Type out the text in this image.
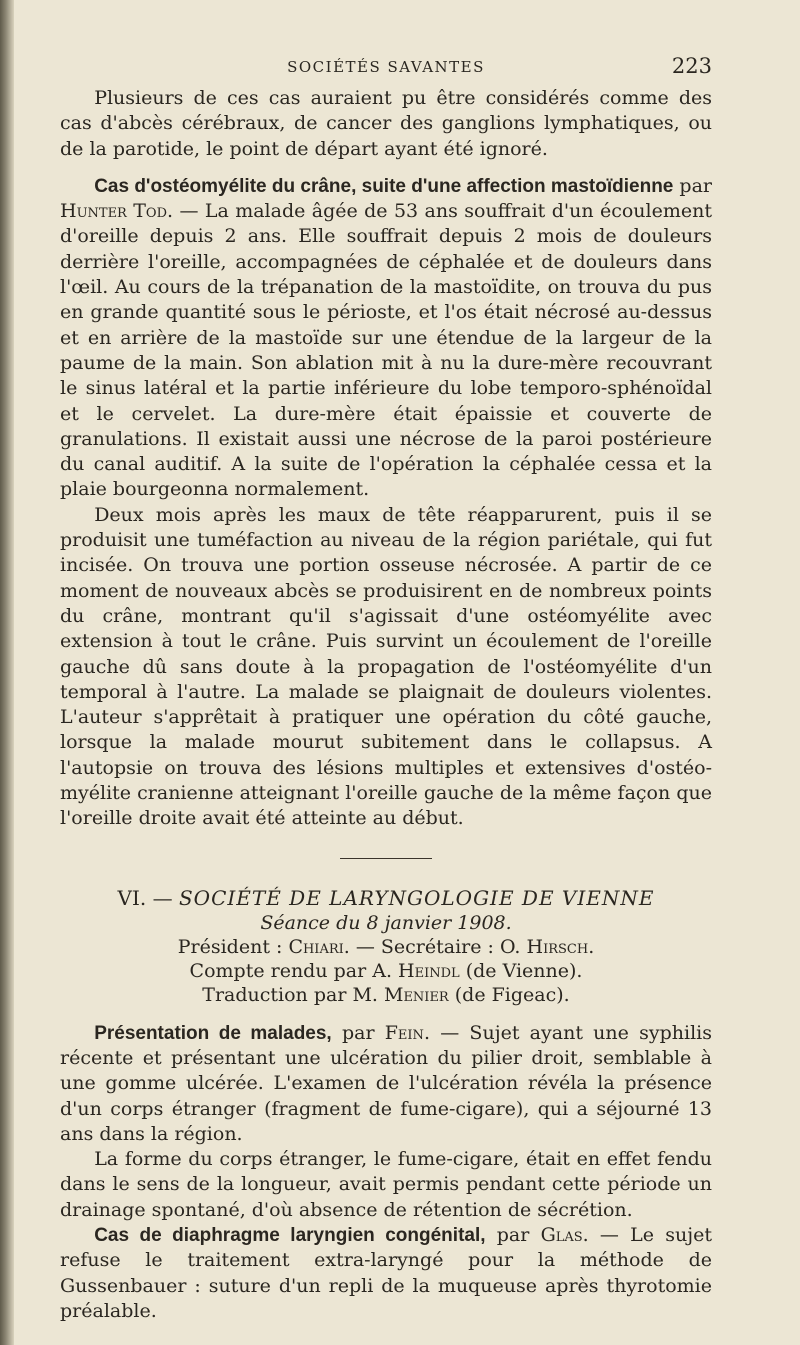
SOCIÉTÉS SAVANTES	223

Plusieurs de ces cas auraient pu être considérés comme des cas d'abcès cérébraux, de cancer des ganglions lymphatiques, ou de la parotide, le point de départ ayant été ignoré.

Cas d'ostéomyélite du crâne, suite d'une affection mastoïdienne par Hunter Tod. — La malade âgée de 53 ans souffrait d'un écoulement d'oreille depuis 2 ans. Elle souffrait depuis 2 mois de douleurs derrière l'oreille, accompagnées de céphalée et de douleurs dans l'œil. Au cours de la trépanation de la mastoïdite, on trouva du pus en grande quantité sous le périoste, et l'os était nécrosé au-dessus et en arrière de la mastoïde sur une étendue de la largeur de la paume de la main. Son ablation mit à nu la dure-mère recouvrant le sinus latéral et la partie inférieure du lobe temporo-sphénoïdal et le cervelet. La dure-mère était épaissie et couverte de granulations. Il existait aussi une nécrose de la paroi postérieure du canal auditif. A la suite de l'opération la céphalée cessa et la plaie bourgeonna normalement.

Deux mois après les maux de tête réapparurent, puis il se produisit une tuméfaction au niveau de la région pariétale, qui fut incisée. On trouva une portion osseuse nécrosée. A partir de ce moment de nouveaux abcès se produisirent en de nombreux points du crâne, montrant qu'il s'agissait d'une ostéomyélite avec extension à tout le crâne. Puis survint un écoulement de l'oreille gauche dû sans doute à la propagation de l'ostéomyélite d'un temporal à l'autre. La malade se plaignait de douleurs violentes. L'auteur s'apprêtait à pratiquer une opération du côté gauche, lorsque la malade mourut subitement dans le collapsus. A l'autopsie on trouva des lésions multiples et extensives d'ostéo-myélite cranienne atteignant l'oreille gauche de la même façon que l'oreille droite avait été atteinte au début.

VI. — SOCIÉTÉ DE LARYNGOLOGIE DE VIENNE

Séance du 8 janvier 1908.

Président : Chiari. — Secrétaire : O. Hirsch.

Compte rendu par A. Heindl (de Vienne).

Traduction par M. Menier (de Figeac).

Présentation de malades, par Fein. — Sujet ayant une syphilis récente et présentant une ulcération du pilier droit, semblable à une gomme ulcérée. L'examen de l'ulcération révéla la présence d'un corps étranger (fragment de fume-cigare), qui a séjourné 13 ans dans la région.

La forme du corps étranger, le fume-cigare, était en effet fendu dans le sens de la longueur, avait permis pendant cette période un drainage spontané, d'où absence de rétention de sécrétion.

Cas de diaphragme laryngien congénital, par Glas. — Le sujet refuse le traitement extra-laryngé pour la méthode de Gussenbauer : suture d'un repli de la muqueuse après thyrotomie préalable.
